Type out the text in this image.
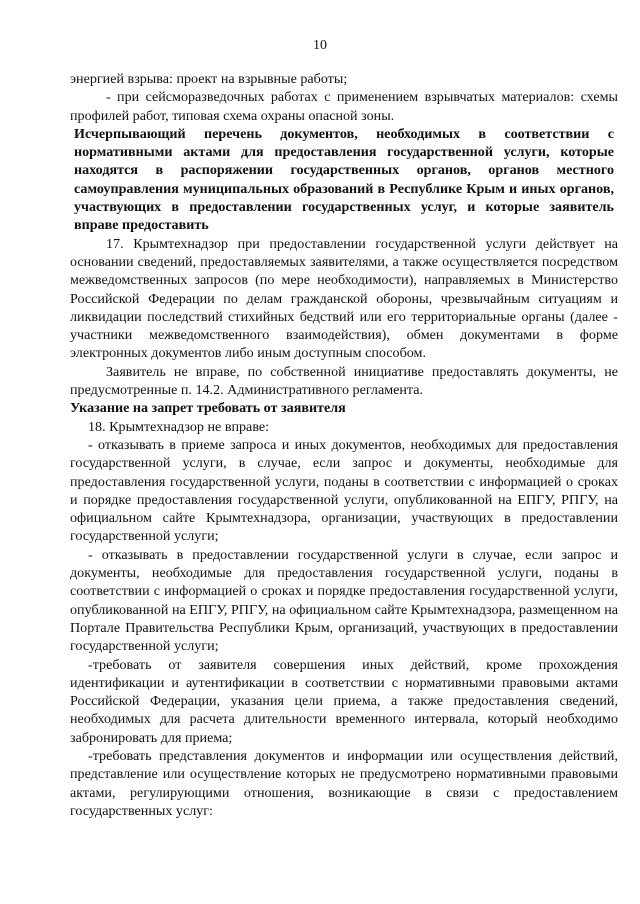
10

энергией взрыва: проект на взрывные работы;

- при сейсморазведочных работах с применением взрывчатых материалов: схемы профилей работ, типовая схема охраны опасной зоны.

Исчерпывающий перечень документов, необходимых в соответствии с нормативными актами для предоставления государственной услуги, которые находятся в распоряжении государственных органов, органов местного самоуправления муниципальных образований в Республике Крым и иных органов, участвующих в предоставлении государственных услуг, и которые заявитель вправе предоставить

17. Крымтехнадзор при предоставлении государственной услуги действует на основании сведений, предоставляемых заявителями, а также осуществляется посредством межведомственных запросов (по мере необходимости), направляемых в Министерство Российской Федерации по делам гражданской обороны, чрезвычайным ситуациям и ликвидации последствий стихийных бедствий или его территориальные органы (далее - участники межведомственного взаимодействия), обмен документами в форме электронных документов либо иным доступным способом.

Заявитель не вправе, по собственной инициативе предоставлять документы, не предусмотренные п. 14.2. Административного регламента.

Указание на запрет требовать от заявителя

18. Крымтехнадзор не вправе:

- отказывать в приеме запроса и иных документов, необходимых для предоставления государственной услуги, в случае, если запрос и документы, необходимые для предоставления государственной услуги, поданы в соответствии с информацией о сроках и порядке предоставления государственной услуги, опубликованной на ЕПГУ, РПГУ, на официальном сайте Крымтехнадзора, организации, участвующих в предоставлении государственной услуги;

- отказывать в предоставлении государственной услуги в случае, если запрос и документы, необходимые для предоставления государственной услуги, поданы в соответствии с информацией о сроках и порядке предоставления государственной услуги, опубликованной на ЕПГУ, РПГУ, на официальном сайте Крымтехнадзора, размещенном на Портале Правительства Республики Крым, организаций, участвующих в предоставлении государственной услуги;

-требовать от заявителя совершения иных действий, кроме прохождения идентификации и аутентификации в соответствии с нормативными правовыми актами Российской Федерации, указания цели приема, а также предоставления сведений, необходимых для расчета длительности временного интервала, который необходимо забронировать для приема;

-требовать представления документов и информации или осуществления действий, представление или осуществление которых не предусмотрено нормативными правовыми актами, регулирующими отношения, возникающие в связи с предоставлением государственных услуг:
